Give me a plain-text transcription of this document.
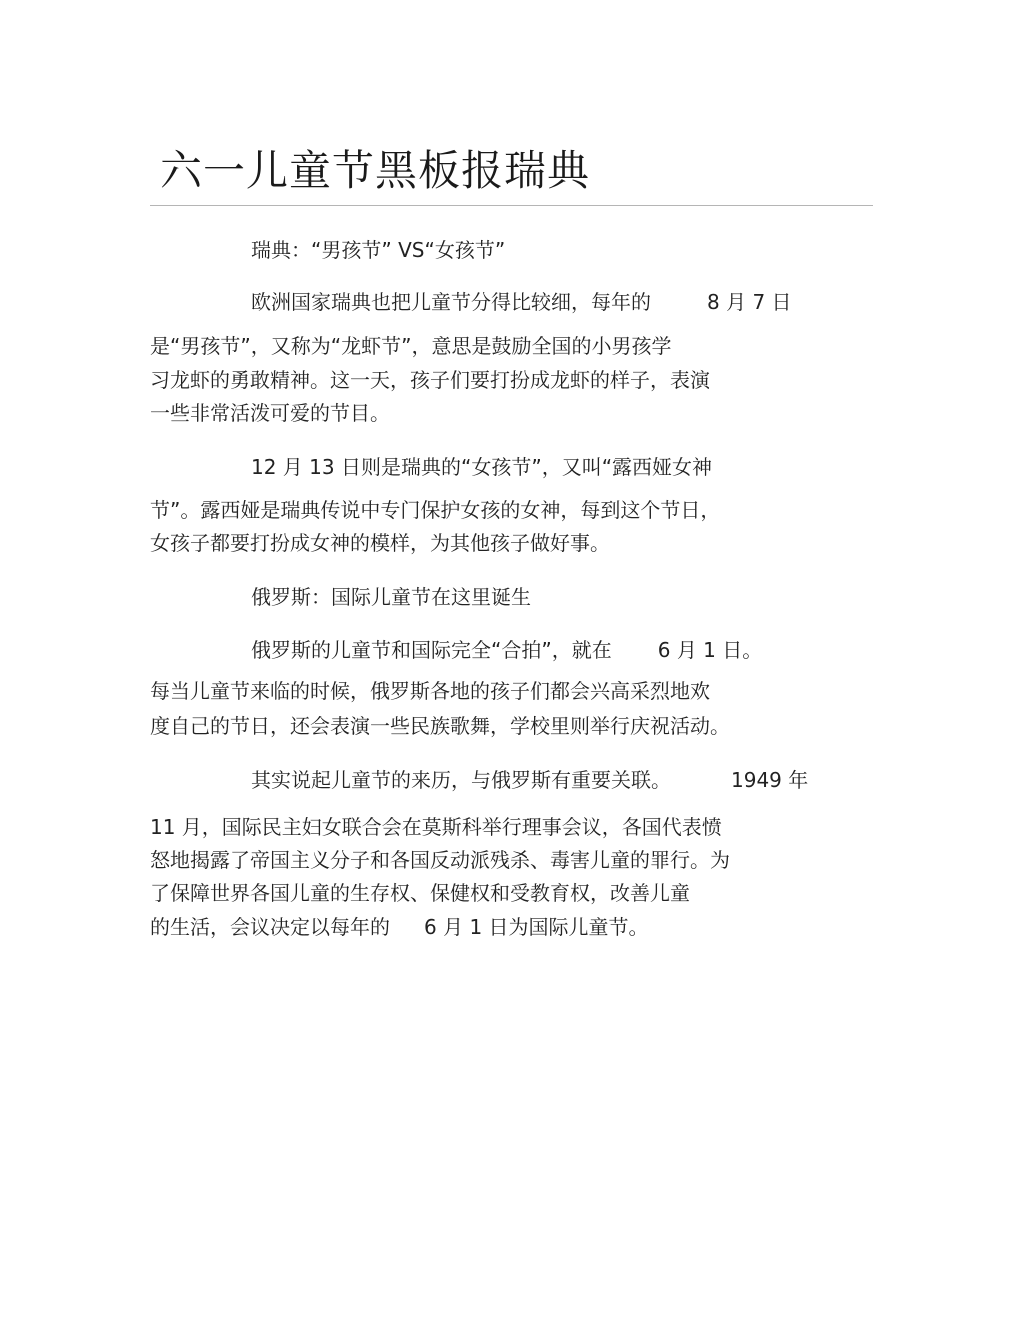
六一儿童节黑板报瑞典
瑞典：“男孩节” VS“女孩节”
欧洲国家瑞典也把儿童节分得比较细，每年的	8 月 7 日
是“男孩节”，又称为“龙虾节”，意思是鼓励全国的小男孩学
习龙虾的勇敢精神。这一天，孩子们要打扮成龙虾的样子，表演
一些非常活泼可爱的节目。
12 月 13 日则是瑞典的“女孩节”，又叫“露西娅女神
节”。露西娅是瑞典传说中专门保护女孩的女神，每到这个节日，
女孩子都要打扮成女神的模样，为其他孩子做好事。
俄罗斯：国际儿童节在这里诞生
俄罗斯的儿童节和国际完全“合拍”，就在 6 月 1 日。
每当儿童节来临的时候，俄罗斯各地的孩子们都会兴高采烈地欢
度自己的节日，还会表演一些民族歌舞，学校里则举行庆祝活动。
其实说起儿童节的来历，与俄罗斯有重要关联。	1949 年
11 月，国际民主妇女联合会在莫斯科举行理事会议，各国代表愤
怒地揭露了帝国主义分子和各国反动派残杀、毒害儿童的罪行。为
了保障世界各国儿童的生存权、保健权和受教育权，改善儿童
的生活，会议决定以每年的 6 月 1 日为国际儿童节。
